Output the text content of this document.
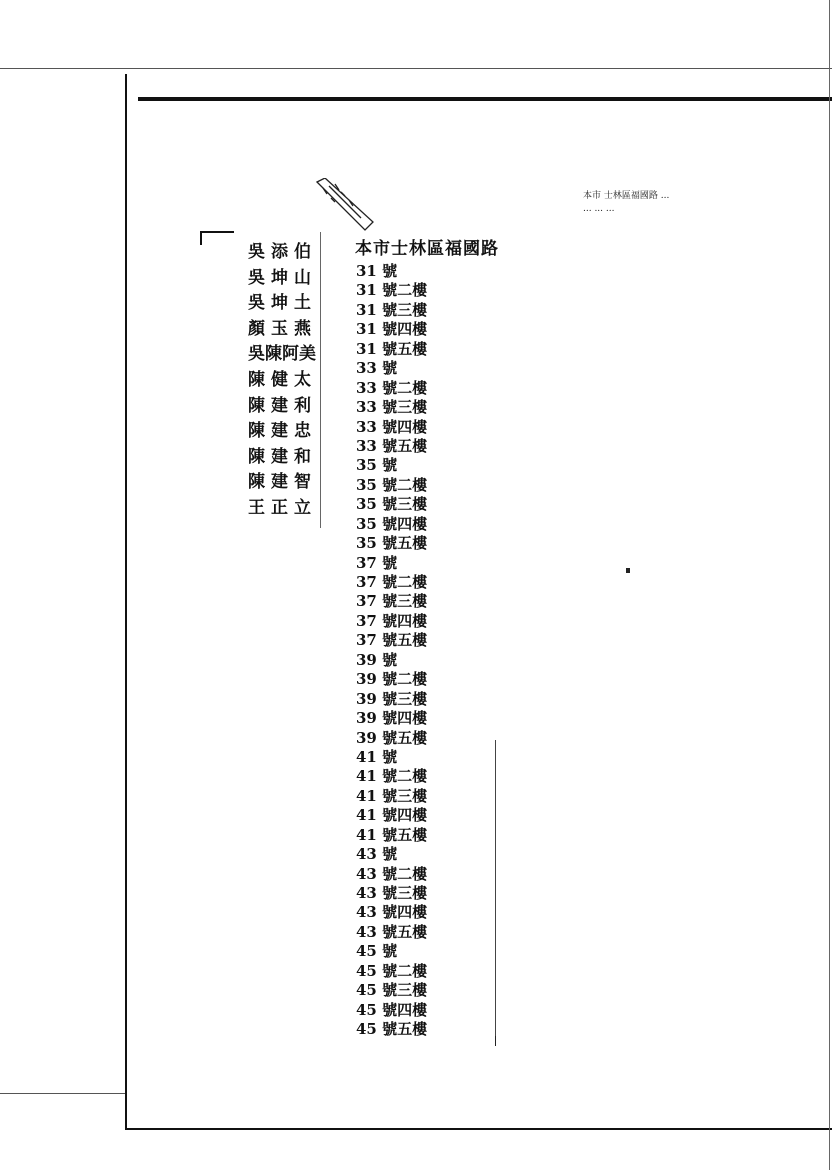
本市 士林區福國路 ...
... ... ...
本市士林區福國路
吳添伯
吳坤山
吳坤土
顏玉燕
吳陳阿美
陳健太
陳建利
陳建忠
陳建和
陳建智
王正立
31 號
31 號二樓
31 號三樓
31 號四樓
31 號五樓
33 號
33 號二樓
33 號三樓
33 號四樓
33 號五樓
35 號
35 號二樓
35 號三樓
35 號四樓
35 號五樓
37 號
37 號二樓
37 號三樓
37 號四樓
37 號五樓
39 號
39 號二樓
39 號三樓
39 號四樓
39 號五樓
41 號
41 號二樓
41 號三樓
41 號四樓
41 號五樓
43 號
43 號二樓
43 號三樓
43 號四樓
43 號五樓
45 號
45 號二樓
45 號三樓
45 號四樓
45 號五樓
